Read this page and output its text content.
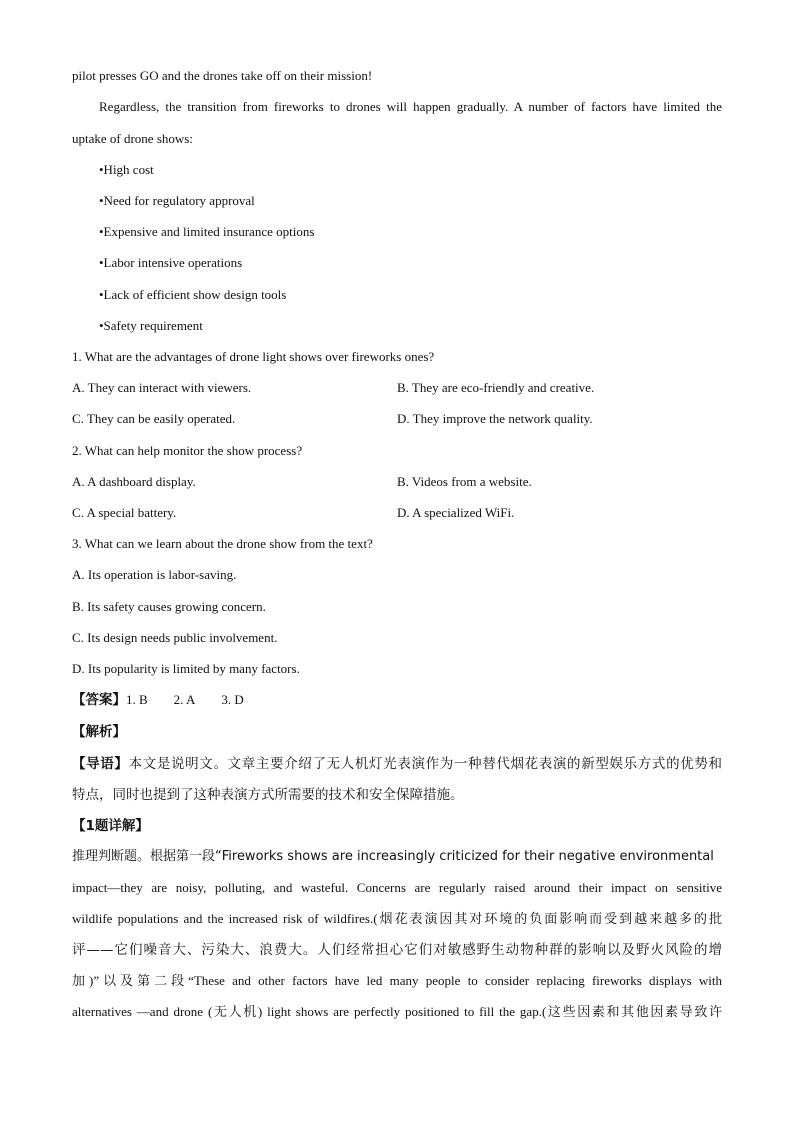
pilot presses GO and the drones take off on their mission!
Regardless, the transition from fireworks to drones will happen gradually. A number of factors have limited the
uptake of drone shows:
•High cost
•Need for regulatory approval
•Expensive and limited insurance options
•Labor intensive operations
•Lack of efficient show design tools
•Safety requirement
1. What are the advantages of drone light shows over fireworks ones?
A. They can interact with viewers.	B. They are eco-friendly and creative.
C. They can be easily operated.	D. They improve the network quality.
2. What can help monitor the show process?
A. A dashboard display.	B. Videos from a website.
C. A special battery.	D. A specialized WiFi.
3. What can we learn about the drone show from the text?
A. Its operation is labor-saving.
B. Its safety causes growing concern.
C. Its design needs public involvement.
D. Its popularity is limited by many factors.
【答案】1. B 2. A 3. D
【解析】
【导语】本文是说明文。文章主要介绍了无人机灯光表演作为一种替代烟花表演的新型娱乐方式的优势和
特点，同时也提到了这种表演方式所需要的技术和安全保障措施。
【1题详解】
推理判断题。根据第一段“Fireworks shows are increasingly criticized for their negative environmental
impact—they are noisy, polluting, and wasteful. Concerns are regularly raised around their impact on sensitive
wildlife populations and the increased risk of wildfires.(烟花表演因其对环境的负面影响而受到越来越多的批
评——它们噪音大、污染大、浪费大。人们经常担心它们对敏感野生动物种群的影响以及野火风险的增
加)”以及第二段“These and other factors have led many people to consider replacing fireworks displays with
alternatives —and drone (无人机) light shows are perfectly positioned to fill the gap.(这些因素和其他因素导致许
